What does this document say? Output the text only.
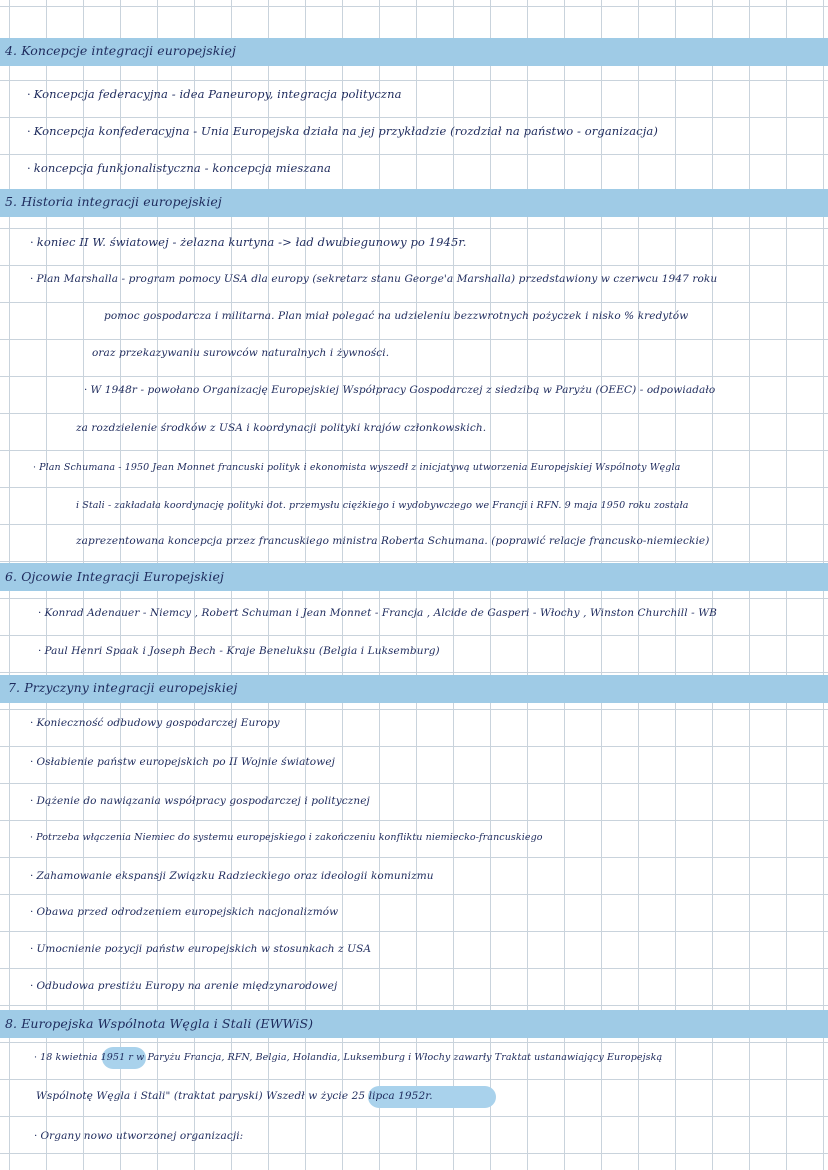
4. Koncepcje integracji europejskiej
· Koncepcja federacyjna - idea Paneuropy, integracja polityczna
· Koncepcja konfederacyjna - Unia Europejska działa na jej przykładzie (rozdział na państwo - organizacja)
· koncepcja funkjonalistyczna - koncepcja mieszana
5. Historia integracji europejskiej
· koniec II W. światowej - żelazna kurtyna -> ład dwubiegunowy po 1945r.
· Plan Marshalla - program pomocy USA dla europy (sekretarz stanu George'a Marshalla) przedstawiony w czerwcu 1947 roku
pomoc gospodarcza i militarna. Plan miał polegać na udzieleniu bezzwrotnych pożyczek i nisko % kredytów
oraz przekazywaniu surowców naturalnych i żywności.
· W 1948r - powołano Organizację Europejskiej Współpracy Gospodarczej z siedzibą w Paryżu (OEEC) - odpowiadało
za rozdzielenie środków z USA i koordynacji polityki krajów członkowskich.
· Plan Schumana - 1950 Jean Monnet francuski polityk i ekonomista wyszedł z inicjatywą utworzenia Europejskiej Wspólnoty Węgla
i Stali - zakładała koordynację polityki dot. przemysłu ciężkiego i wydobywczego we Francji i RFN. 9 maja 1950 roku została
zaprezentowana koncepcja przez francuskiego ministra Roberta Schumana. (poprawić relacje francusko-niemieckie)
6. Ojcowie Integracji Europejskiej
· Konrad Adenauer - Niemcy , Robert Schuman i Jean Monnet - Francja , Alcide de Gasperi - Włochy , Winston Churchill - WB
· Paul Henri Spaak i Joseph Bech - Kraje Beneluksu (Belgia i Luksemburg)
7. Przyczyny integracji europejskiej
· Konieczność odbudowy gospodarczej Europy
· Osłabienie państw europejskich po II Wojnie światowej
· Dążenie do nawiązania współpracy gospodarczej i politycznej
· Potrzeba włączenia Niemiec do systemu europejskiego i zakończeniu konfliktu niemiecko-francuskiego
· Zahamowanie ekspansji Związku Radzieckiego oraz ideologii komunizmu
· Obawa przed odrodzeniem europejskich nacjonalizmów
· Umocnienie pozycji państw europejskich w stosunkach z USA
· Odbudowa prestiżu Europy na arenie międzynarodowej
8. Europejska Wspólnota Węgla i Stali (EWWiS)
· 18 kwietnia 1951 r w Paryżu Francja, RFN, Belgia, Holandia, Luksemburg i Włochy zawarły Traktat ustanawiający Europejską
Wspólnotę Węgla i Stali" (traktat paryski) Wszedł w życie 25 lipca 1952r.
· Organy nowo utworzonej organizacji:
